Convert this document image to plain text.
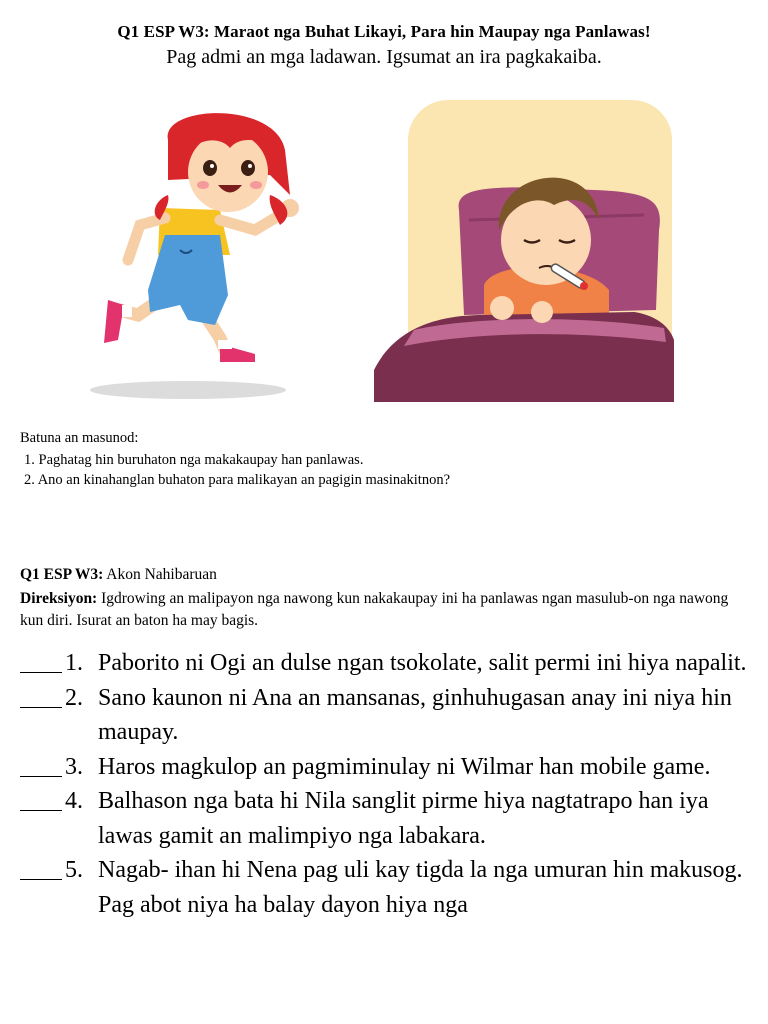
Q1 ESP W3: Maraot nga Buhat Likayi, Para hin Maupay nga Panlawas!
Pag admi an mga ladawan. Igsumat an ira pagkakaiba.
Batuna an masunod:
1. Paghatag hin buruhaton nga makakaupay han panlawas.
2. Ano an kinahanglan buhaton para malikayan an pagigin masinakitnon?
Q1 ESP W3: Akon Nahibaruan
Direksiyon: Igdrowing an malipayon nga nawong kun nakakaupay ini ha panlawas ngan masulub-on nga nawong kun diri. Isurat an baton ha may bagis.
1. Paborito ni Ogi an dulse ngan tsokolate, salit permi ini hiya napalit.
2. Sano kaunon ni Ana an mansanas, ginhuhugasan anay ini niya hin maupay.
3. Haros magkulop an pagmiminulay ni Wilmar han mobile game.
4. Balhason nga bata hi Nila sanglit pirme hiya nagtatrapo han iya lawas gamit an malimpiyo nga labakara.
5. Nagab- ihan hi Nena pag uli kay tigda la nga umuran hin makusog. Pag abot niya ha balay dayon hiya nga
